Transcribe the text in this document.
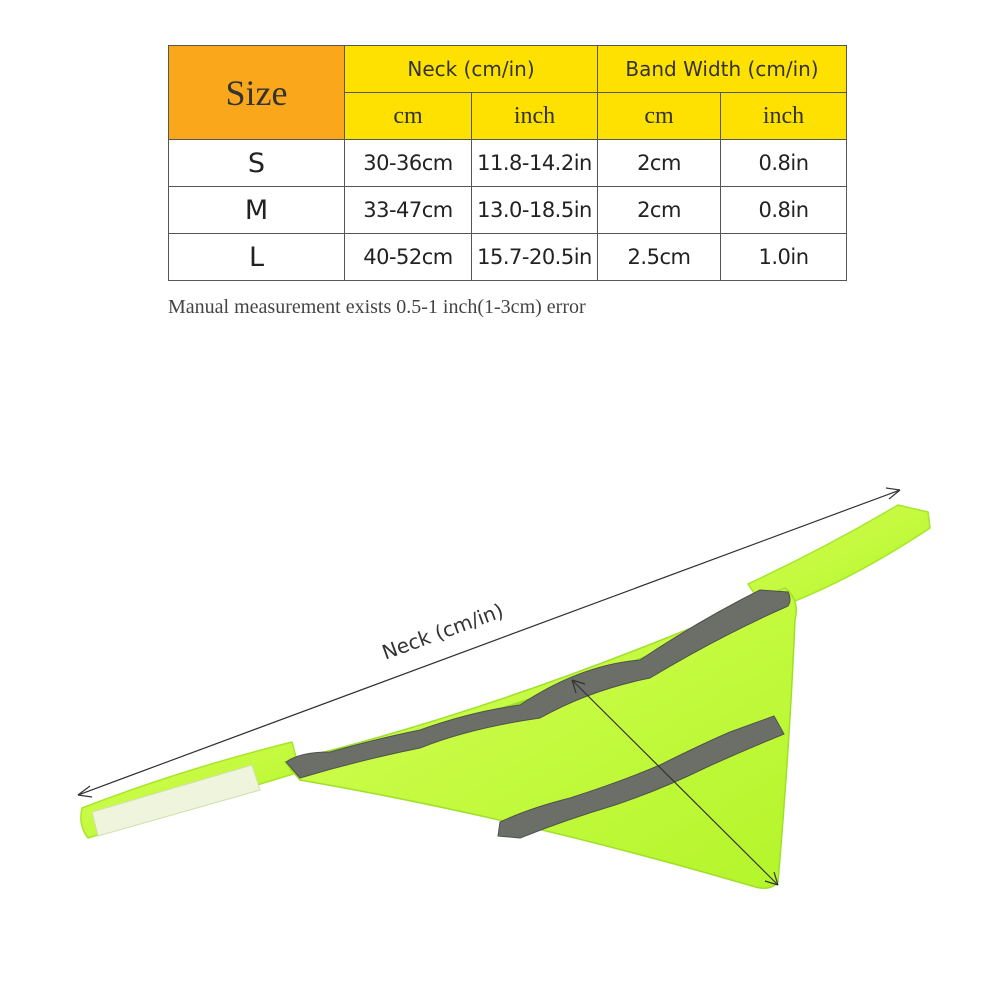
Size	Neck (cm/in)		Band Width (cm/in)	
	cm	inch	cm	inch
S	30-36cm	11.8-14.2in	2cm	0.8in
M	33-47cm	13.0-18.5in	2cm	0.8in
L	40-52cm	15.7-20.5in	2.5cm	1.0in
Manual measurement exists 0.5-1 inch(1-3cm) error
Neck (cm/in)
